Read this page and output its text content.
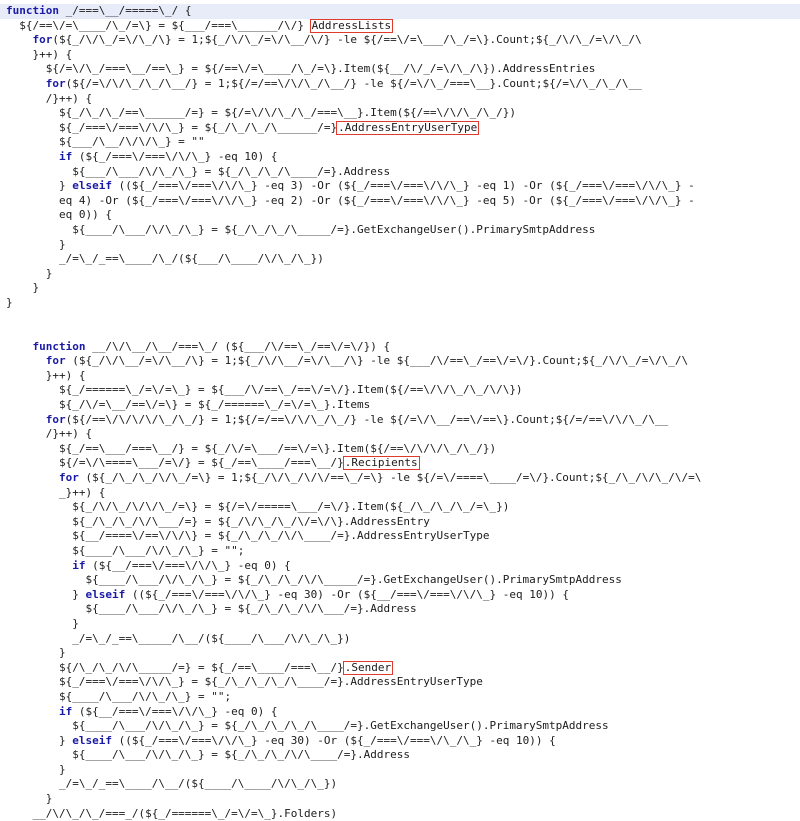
function _/===\__/=====\_/ {
${/==\/=\____/\_/=\} = ${___/===\______/\/} AddressLists
for(${_/\/\_/=\/\_/\} = 1;${_/\/\_/=\/\__/\/} -le ${/==\/=\___/\_/=\}.Count;${_/\/\_/=\/\_/\
}++) {
${/=\/\_/===\__/==\_} = ${/==\/=\____/\_/=\}.Item(${__/\/_/=\/\_/\}).AddressEntries
for(${/=\/\/\_/\_/\__/} = 1;${/=/==\/\/\_/\__/} -le ${/=\/\_/===\__}.Count;${/=\/\_/\_/\__
/}++) {
${_/\_/\_/==\______/=} = ${/=\/\/\_/\_/===\__}.Item(${/==\/\/\_/\_/})
${_/===\/===\/\/\_} = ${_/\_/\_/\______/=}.AddressEntryUserType
${___/\__/\/\/\_} = ""
if (${_/===\/===\/\/\_} -eq 10) {
${___/\___/\/\_/\_} = ${_/\_/\_/\____/=}.Address
} elseif ((${_/===\/===\/\/\_} -eq 3) -Or (${_/===\/===\/\/\_} -eq 1) -Or (${_/===\/===\/\/\_} -
eq 4) -Or (${_/===\/===\/\/\_} -eq 2) -Or (${_/===\/===\/\/\_} -eq 5) -Or (${_/===\/===\/\/\_} -
eq 0)) {
${____/\___/\/\_/\_} = ${_/\_/\_/\_____/=}.GetExchangeUser().PrimarySmtpAddress
}
_/=\_/_==\____/\_/(${___/\____/\/\_/\_})
}
}
}
function __/\/\__/\__/===\_/ (${___/\/==\_/==\/=\/}) {
for (${_/\/\__/=\/\__/\} = 1;${_/\/\__/=\/\__/\} -le ${___/\/==\_/==\/=\/}.Count;${_/\/\_/=\/\_/\
}++) {
${_/======\_/=\/=\_} = ${___/\/==\_/==\/=\/}.Item(${/==\/\/\_/\_/\/\})
${_/\/=\__/==\/=\} = ${_/======\_/=\/=\_}.Items
for(${/==\/\/\/\/\_/\_/} = 1;${/=/==\/\/\_/\_/} -le ${/=\/\__/==\/==\}.Count;${/=/==\/\/\_/\__
/}++) {
${_/==\___/===\__/} = ${_/\/=\___/==\/=\}.Item(${/==\/\/\/\_/\_/})
${/=\/\====\___/=\/} = ${_/==\____/===\__/}.Recipients
for (${_/\_/\_/\/\_/=\} = 1;${_/\/\_/\/\/==\_/=\} -le ${/=\/====\____/=\/}.Count;${_/\_/\/\_/\/=\
_}++) {
${_/\/\_/\/\/\_/=\} = ${/=\/=====\___/=\/}.Item(${_/\_/\_/\_/=\_})
${_/\_/\_/\/\___/=} = ${_/\/\_/\_/\/=\/\}.AddressEntry
${__/====\/==\/\/\} = ${_/\_/\_/\/\____/=}.AddressEntryUserType
${____/\___/\/\_/\_} = "";
if (${__/===\/===\/\/\_} -eq 0) {
${____/\___/\/\_/\_} = ${_/\_/\_/\/\_____/=}.GetExchangeUser().PrimarySmtpAddress
} elseif ((${_/===\/===\/\/\_} -eq 30) -Or (${__/===\/===\/\/\_} -eq 10)) {
${____/\___/\/\_/\_} = ${_/\_/\_/\/\___/=}.Address
}
_/=\_/_==\_____/\__/(${____/\___/\/\_/\_})
}
${/\_/\_/\/\_____/=} = ${_/==\____/===\__/}.Sender
${_/===\/===\/\/\_} = ${_/\_/\_/\_/\____/=}.AddressEntryUserType
${____/\___/\/\_/\_} = "";
if (${__/===\/===\/\/\_} -eq 0) {
${____/\___/\/\_/\_} = ${_/\_/\_/\_/\____/=}.GetExchangeUser().PrimarySmtpAddress
} elseif ((${_/===\/===\/\/\_} -eq 30) -Or (${_/===\/===\/\_/\_} -eq 10)) {
${____/\___/\/\_/\_} = ${_/\_/\_/\/\____/=}.Address
}
_/=\_/_==\____/\__/(${____/\____/\/\_/\_})
}
__/\/\_/\_/===_/(${_/======\_/=\/=\_}.Folders)
